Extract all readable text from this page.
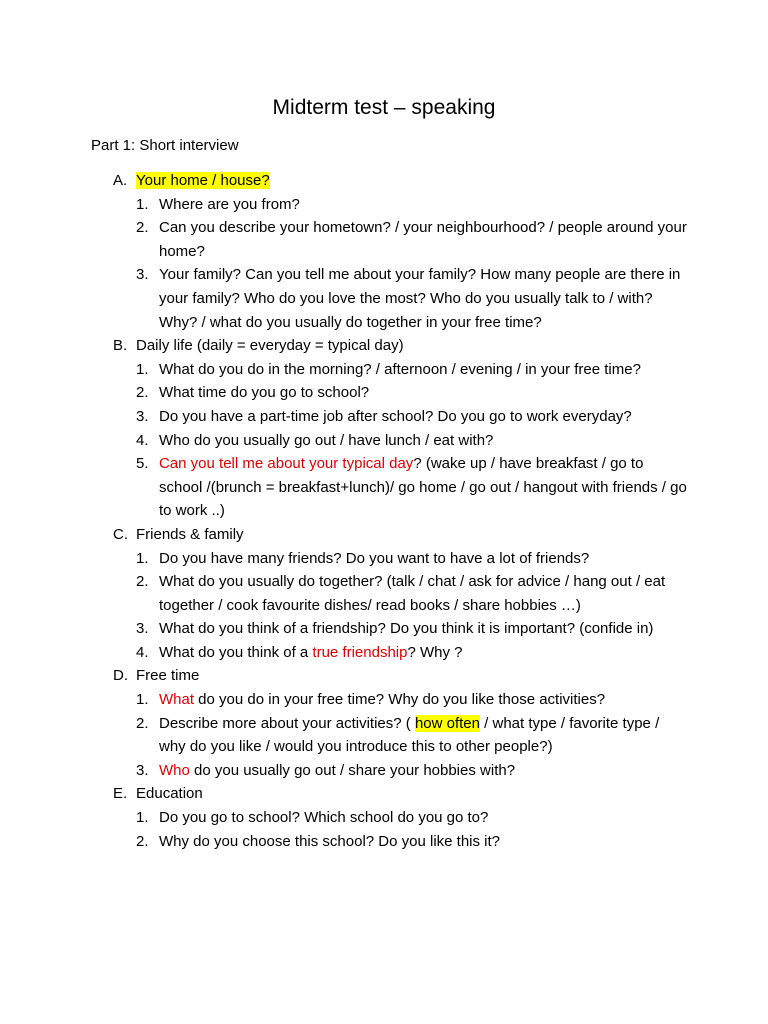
Midterm test – speaking
Part 1: Short interview
A. Your home / house?
1. Where are you from?
2. Can you describe your hometown? / your neighbourhood? / people around your home?
3. Your family? Can you tell me about your family? How many people are there in your family? Who do you love the most? Who do you usually talk to / with? Why? / what do you usually do together in your free time?
B. Daily life (daily = everyday = typical day)
1. What do you do in the morning? / afternoon / evening / in your free time?
2. What time do you go to school?
3. Do you have a part-time job after school? Do you go to work everyday?
4. Who do you usually go out / have lunch / eat with?
5. Can you tell me about your typical day? (wake up / have breakfast / go to school /(brunch = breakfast+lunch)/ go home / go out / hangout with friends / go to work ..)
C. Friends & family
1. Do you have many friends? Do you want to have a lot of friends?
2. What do you usually do together? (talk / chat / ask for advice / hang out / eat together / cook favourite dishes/ read books / share hobbies …)
3. What do you think of a friendship? Do you think it is important? (confide in)
4. What do you think of a true friendship? Why ?
D. Free time
1. What do you do in your free time? Why do you like those activities?
2. Describe more about your activities? ( how often / what type / favorite type / why do you like / would you introduce this to other people?)
3. Who do you usually go out / share your hobbies with?
E. Education
1. Do you go to school? Which school do you go to?
2. Why do you choose this school? Do you like this it?
